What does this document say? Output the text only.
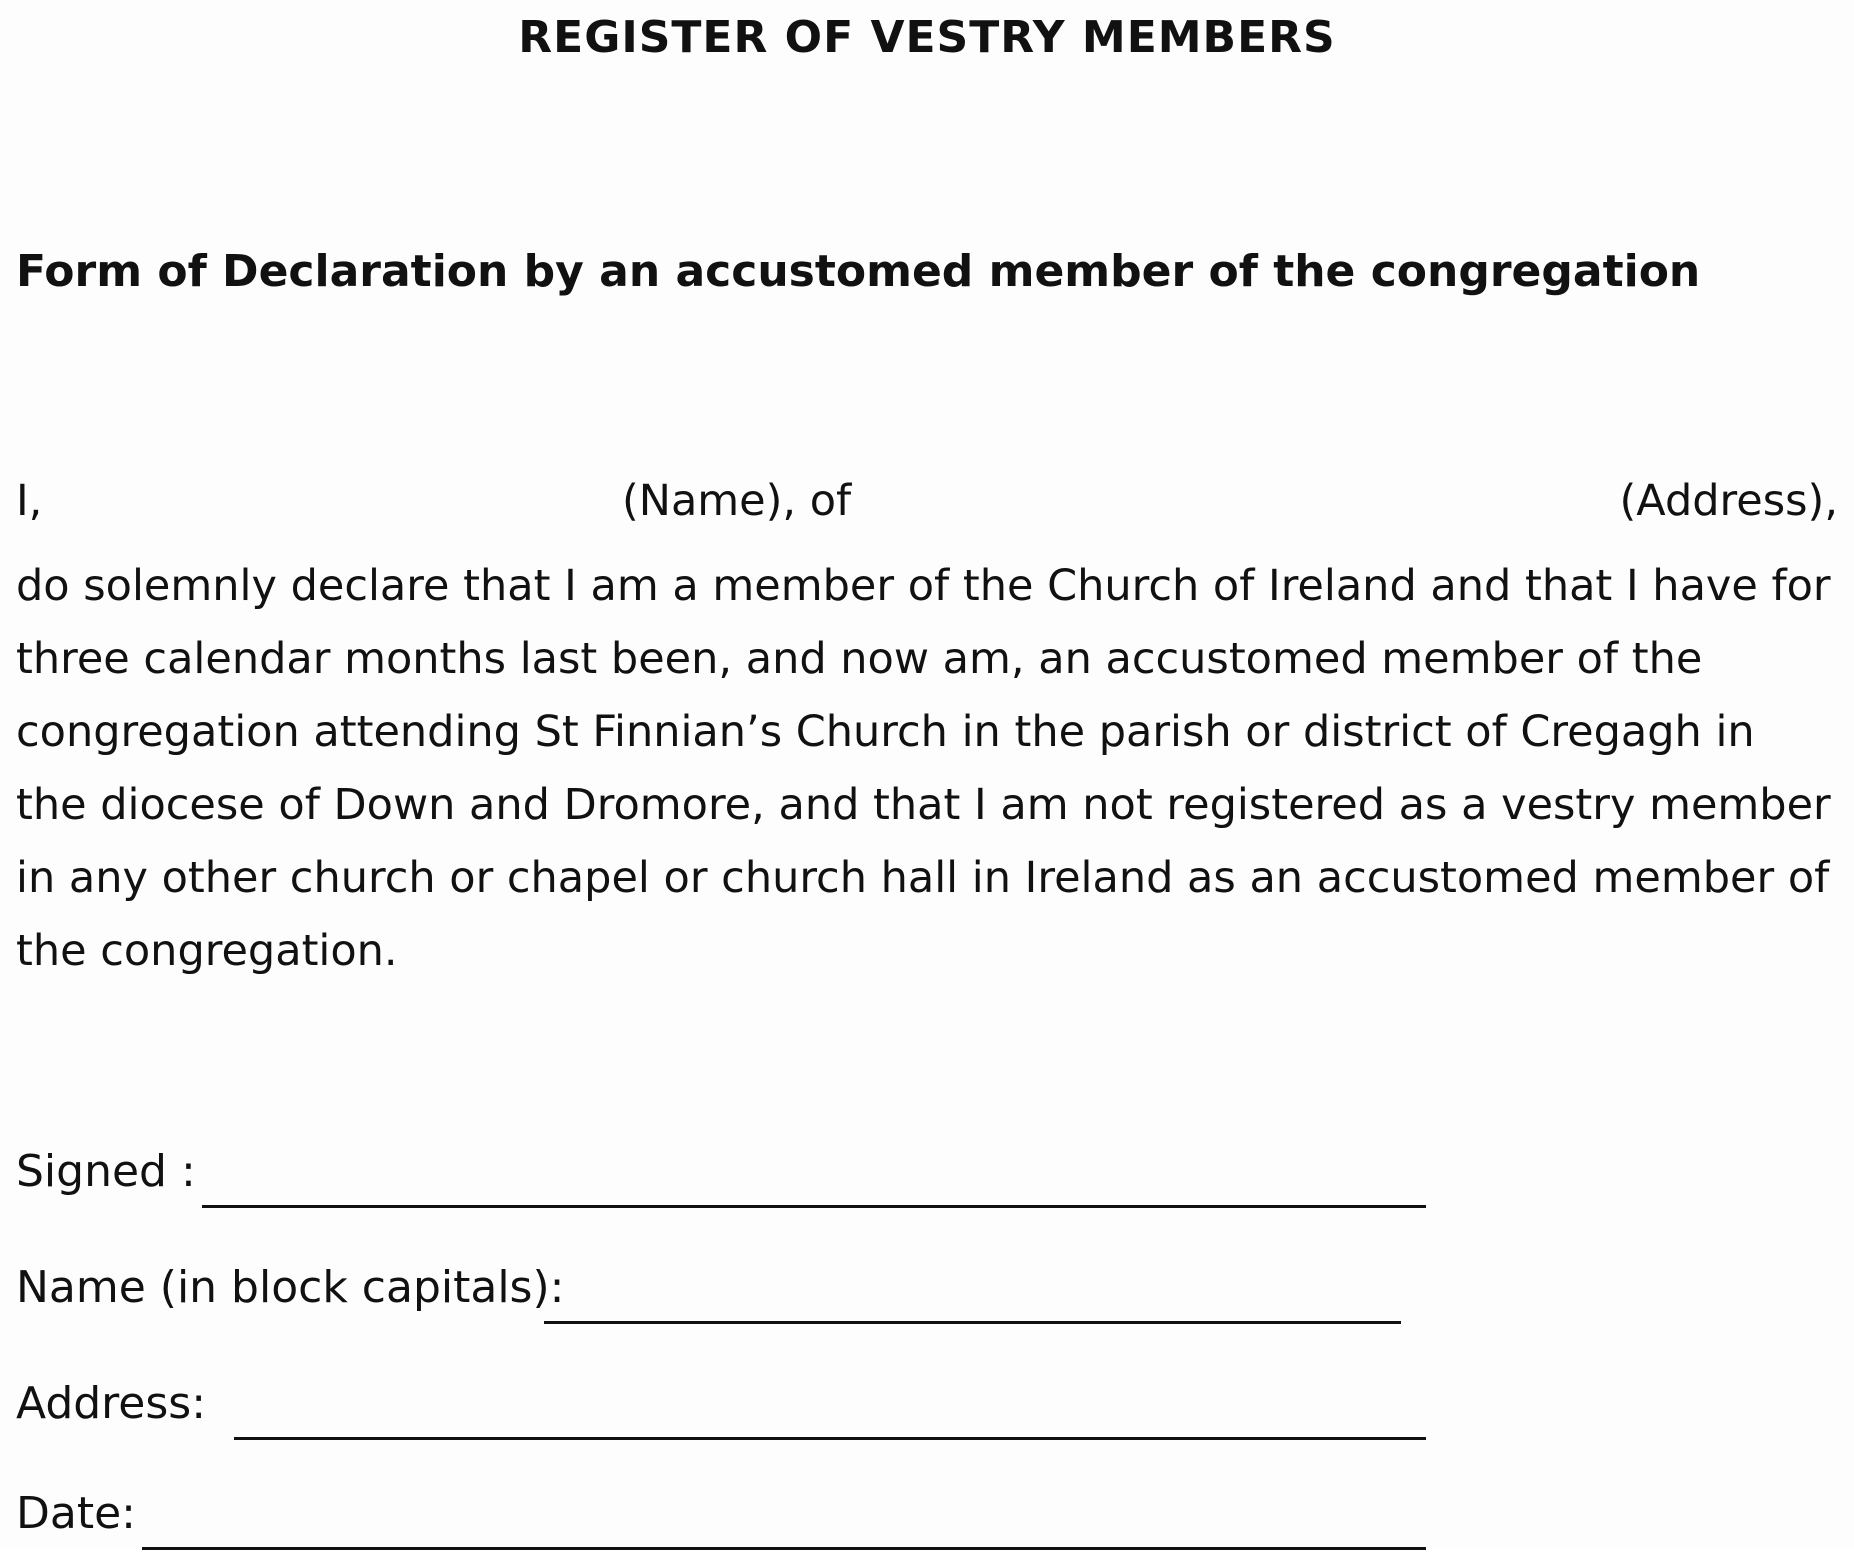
REGISTER OF VESTRY MEMBERS
Form of Declaration by an accustomed member of the congregation
I,	(Name), of	(Address),
do solemnly declare that I am a member of the Church of Ireland and that I have for three calendar months last been, and now am, an accustomed member of the congregation attending St Finnian’s Church in the parish or district of Cregagh in the diocese of Down and Dromore, and that I am not registered as a vestry member in any other church or chapel or church hall in Ireland as an accustomed member of the congregation.
Signed :
Name (in block capitals):
Address:
Date:
